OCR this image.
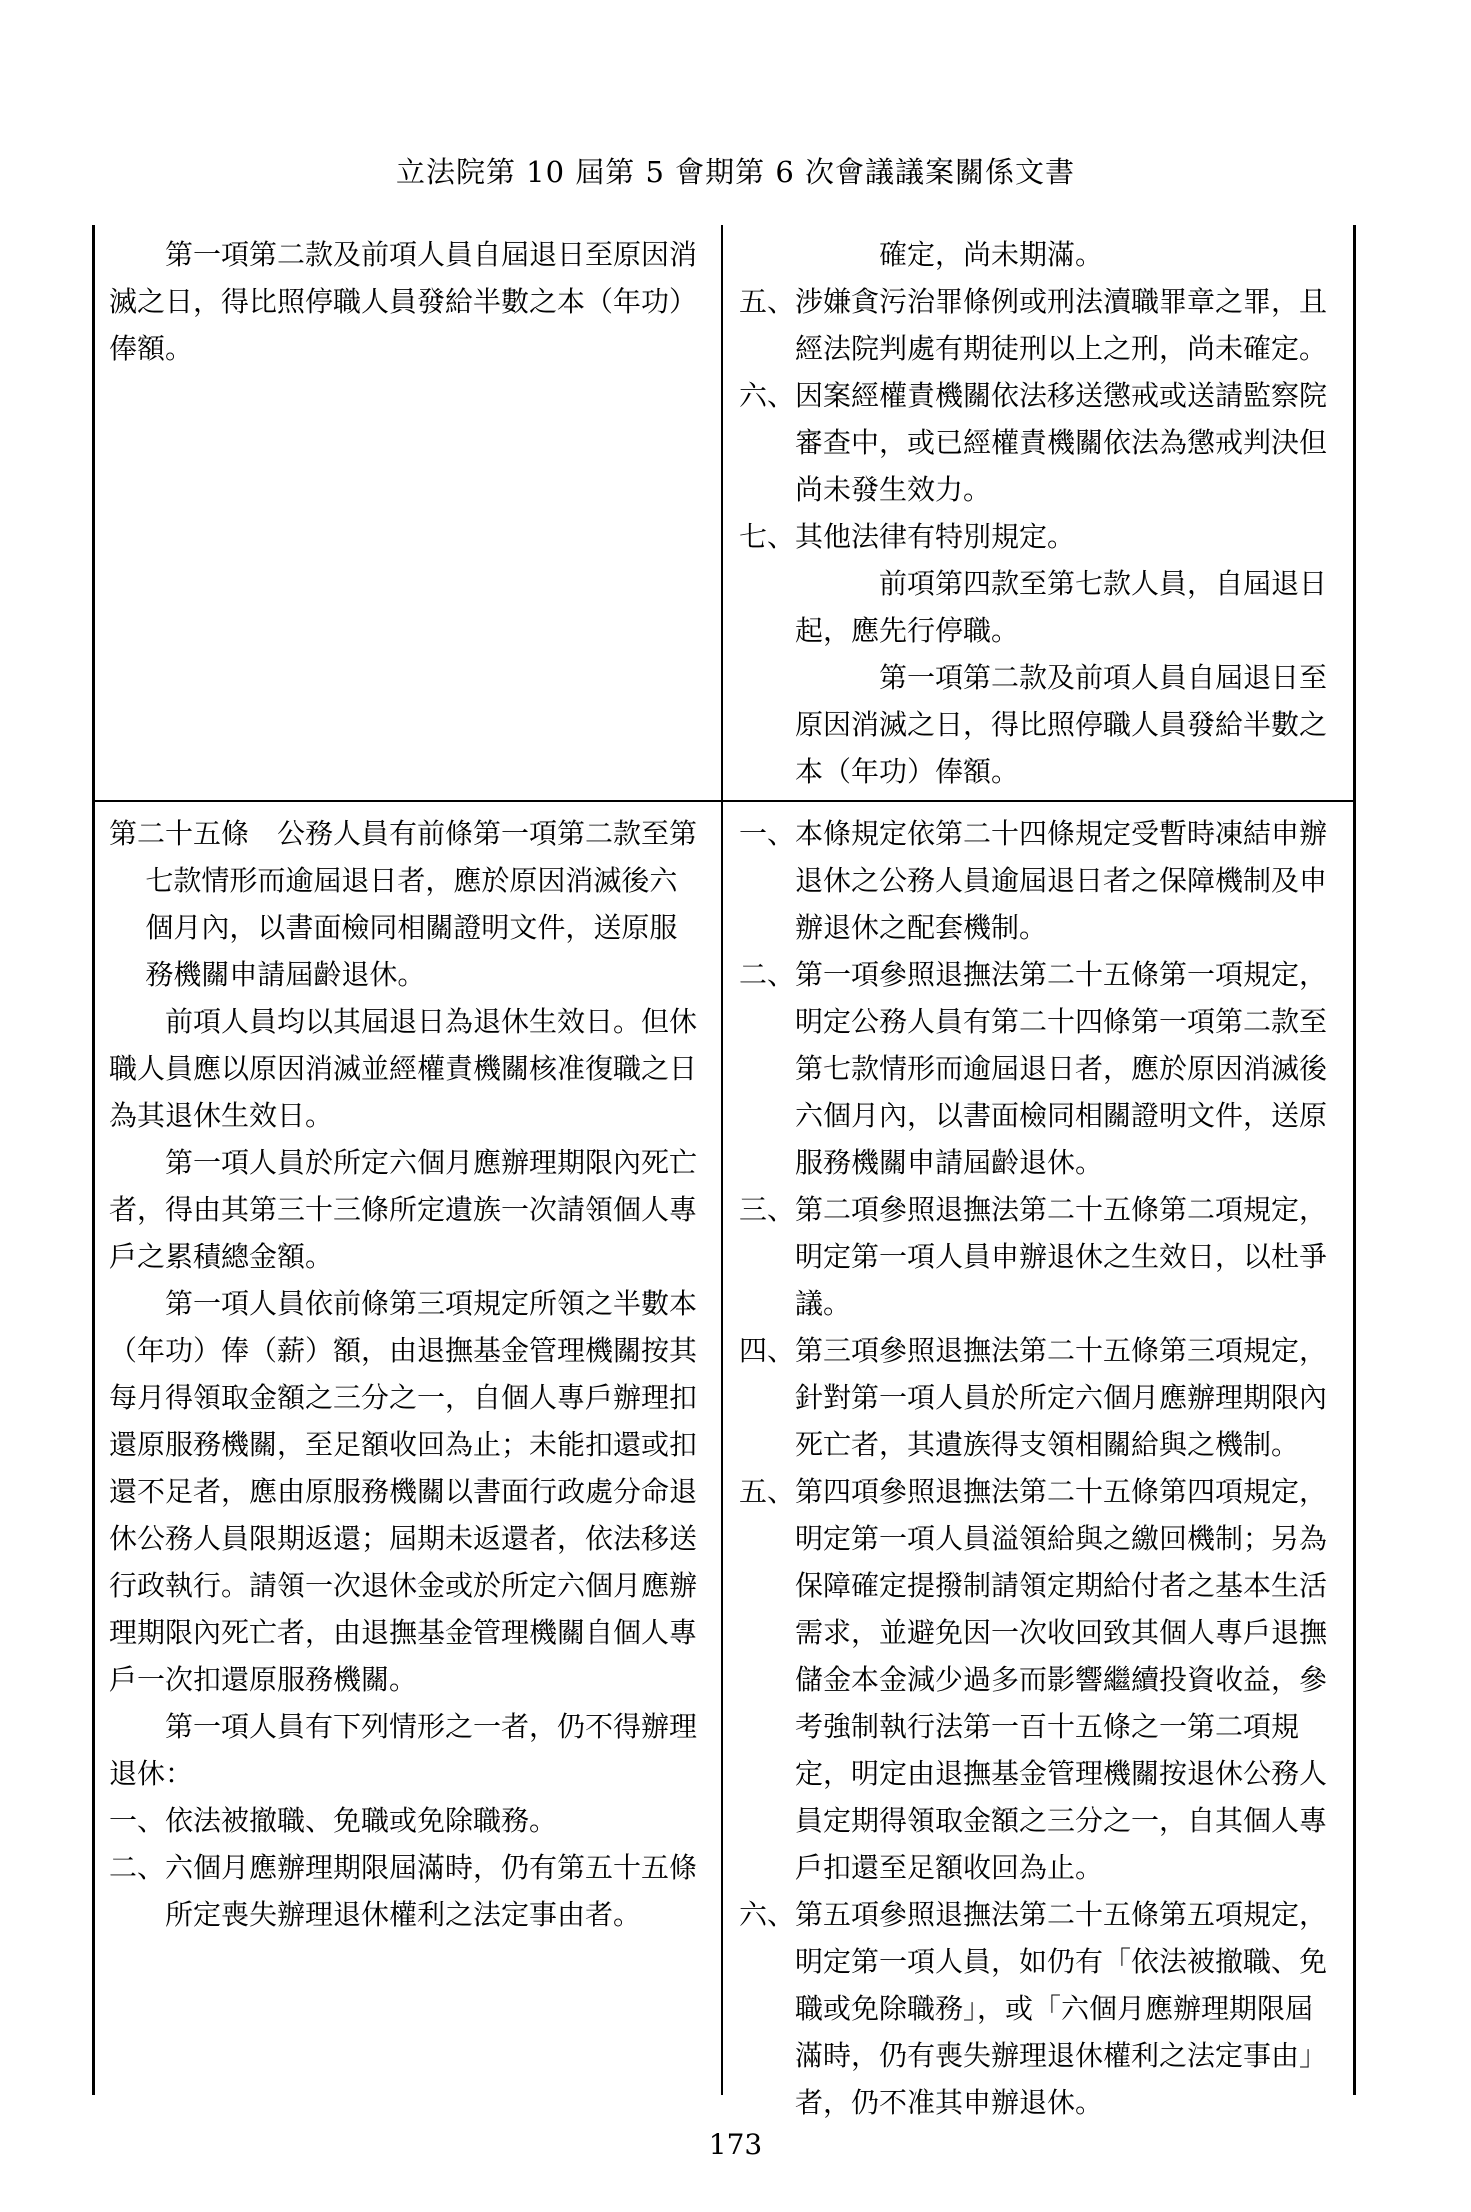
立法院第 10 屆第 5 會期第 6 次會議議案關係文書

第一項第二款及前項人員自屆退日至原因消滅之日，得比照停職人員發給半數之本（年功）俸額。

確定，尚未期滿。

五、涉嫌貪污治罪條例或刑法瀆職罪章之罪，且經法院判處有期徒刑以上之刑，尚未確定。

六、因案經權責機關依法移送懲戒或送請監察院審查中，或已經權責機關依法為懲戒判決但尚未發生效力。

七、其他法律有特別規定。

前項第四款至第七款人員，自屆退日起，應先行停職。

第一項第二款及前項人員自屆退日至原因消滅之日，得比照停職人員發給半數之本（年功）俸額。

第二十五條　公務人員有前條第一項第二款至第七款情形而逾屆退日者，應於原因消滅後六個月內，以書面檢同相關證明文件，送原服務機關申請屆齡退休。

前項人員均以其屆退日為退休生效日。但休職人員應以原因消滅並經權責機關核准復職之日為其退休生效日。

第一項人員於所定六個月應辦理期限內死亡者，得由其第三十三條所定遺族一次請領個人專戶之累積總金額。

第一項人員依前條第三項規定所領之半數本（年功）俸（薪）額，由退撫基金管理機關按其每月得領取金額之三分之一，自個人專戶辦理扣還原服務機關，至足額收回為止；未能扣還或扣還不足者，應由原服務機關以書面行政處分命退休公務人員限期返還；屆期未返還者，依法移送行政執行。請領一次退休金或於所定六個月應辦理期限內死亡者，由退撫基金管理機關自個人專戶一次扣還原服務機關。

第一項人員有下列情形之一者，仍不得辦理退休：

一、依法被撤職、免職或免除職務。

二、六個月應辦理期限屆滿時，仍有第五十五條所定喪失辦理退休權利之法定事由者。

一、本條規定依第二十四條規定受暫時凍結申辦退休之公務人員逾屆退日者之保障機制及申辦退休之配套機制。

二、第一項參照退撫法第二十五條第一項規定，明定公務人員有第二十四條第一項第二款至第七款情形而逾屆退日者，應於原因消滅後六個月內，以書面檢同相關證明文件，送原服務機關申請屆齡退休。

三、第二項參照退撫法第二十五條第二項規定，明定第一項人員申辦退休之生效日，以杜爭議。

四、第三項參照退撫法第二十五條第三項規定，針對第一項人員於所定六個月應辦理期限內死亡者，其遺族得支領相關給與之機制。

五、第四項參照退撫法第二十五條第四項規定，明定第一項人員溢領給與之繳回機制；另為保障確定提撥制請領定期給付者之基本生活需求，並避免因一次收回致其個人專戶退撫儲金本金減少過多而影響繼續投資收益，參考強制執行法第一百十五條之一第二項規定，明定由退撫基金管理機關按退休公務人員定期得領取金額之三分之一，自其個人專戶扣還至足額收回為止。

六、第五項參照退撫法第二十五條第五項規定，明定第一項人員，如仍有「依法被撤職、免職或免除職務」，或「六個月應辦理期限屆滿時，仍有喪失辦理退休權利之法定事由」者，仍不准其申辦退休。

173
